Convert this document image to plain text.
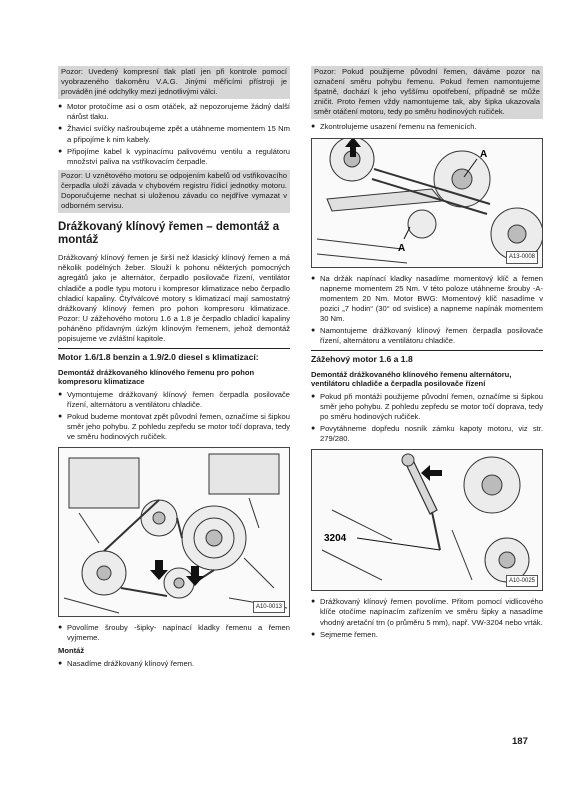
Pozor: Uvedený kompresní tlak platí jen při kontrole pomocí vyobrazeného tlakoměru V.A.G. Jinými měřicími přístroji je prováděn jiné odchylky mezi jednotlivými válci.
● Motor protočíme asi o osm otáček, až nepozorujeme žádný další nárůst tlaku.
● Žhavicí svíčky našroubujeme zpět a utáhneme momentem 15 Nm a připojíme k nim kabely.
● Připojíme kabel k vypínacímu palivovému ventilu a regulátoru množství paliva na vstřikovacím čerpadle.
Pozor: U vznětového motoru se odpojením kabelů od vstřikovacího čerpadla uloží závada v chybovém registru řídicí jednotky motoru. Doporučujeme nechat si uloženou závadu co nejdříve vymazat v odborném servisu.
Drážkovaný klínový řemen – demontáž a montáž

Drážkovaný klínový řemen je širší než klasický klínový řemen a má několik podélných žeber. Slouží k pohonu některých pomocných agregátů jako je alternátor, čerpadlo posilovače řízení, ventilátor chladiče a podle typu motoru i kompresor klimatizace nebo čerpadlo chladicí kapaliny. Čtyřválcové motory s klimatizací mají samostatný drážkovaný klínový řemen pro pohon kompresoru klimatizace. Pozor: U zážehového motoru 1.6 a 1.8 je čerpadlo chladicí kapaliny poháněno přídavným úzkým klínovým řemenem, jehož demontáž popisujeme ve zvláštní kapitole.

Motor 1.6/1.8 benzin a 1.9/2.0 diesel s klimatizací:
Demontáž drážkovaného klínového řemenu pro pohon kompresoru klimatizace
● Vymontujeme drážkovaný klínový řemen čerpadla posilovače řízení, alternátoru a ventilátoru chladiče.
● Pokud budeme montovat zpět původní řemen, označíme si šipkou směr jeho pohybu. Z pohledu zepředu se motor točí doprava, tedy ve směru hodinových ručiček.
A10-0013
● Povolíme šrouby -šipky- napínací kladky řemenu a řemen vyjmeme.
Montáž
● Nasadíme drážkovaný klínový řemen.
Pozor: Pokud použijeme původní řemen, dáváme pozor na označení směru pohybu řemenu. Pokud řemen namontujeme špatně, dochází k jeho vyššímu opotřebení, případně se může zničit. Proto řemen vždy namontujeme tak, aby šipka ukazovala směr otáčení motoru, tedy po směru hodinových ručiček.
● Zkontrolujeme usazení řemenu na řemenicích.
A
A
A13-0008
● Na držák napínací kladky nasadíme momentový klíč a řemen napneme momentem 25 Nm. V této poloze utáhneme šrouby -A- momentem 20 Nm. Motor BWG: Momentový klíč nasadíme v pozici „7 hodin“ (30° od svislice) a napneme napínák momentem 30 Nm.
● Namontujeme drážkovaný klínový řemen čerpadla posilovače řízení, alternátoru a ventilátoru chladiče.
Zážehový motor 1.6 a 1.8
Demontáž drážkovaného klínového řemenu alternátoru, ventilátoru chladiče a čerpadla posilovače řízení
● Pokud při montáži použijeme původní řemen, označíme si šipkou směr jeho pohybu. Z pohledu zepředu se motor točí doprava, tedy po směru hodinových ručiček.
● Povytáhneme dopředu nosník zámku kapoty motoru, viz str. 279/280.
3204
A10-0025
● Drážkovaný klínový řemen povolíme. Přitom pomocí vidlicového klíče otočíme napínacím zařízením ve směru šipky a nasadíme vhodný aretační trn (o průměru 5 mm), např. VW-3204 nebo vrták.
● Sejmeme řemen.
187
